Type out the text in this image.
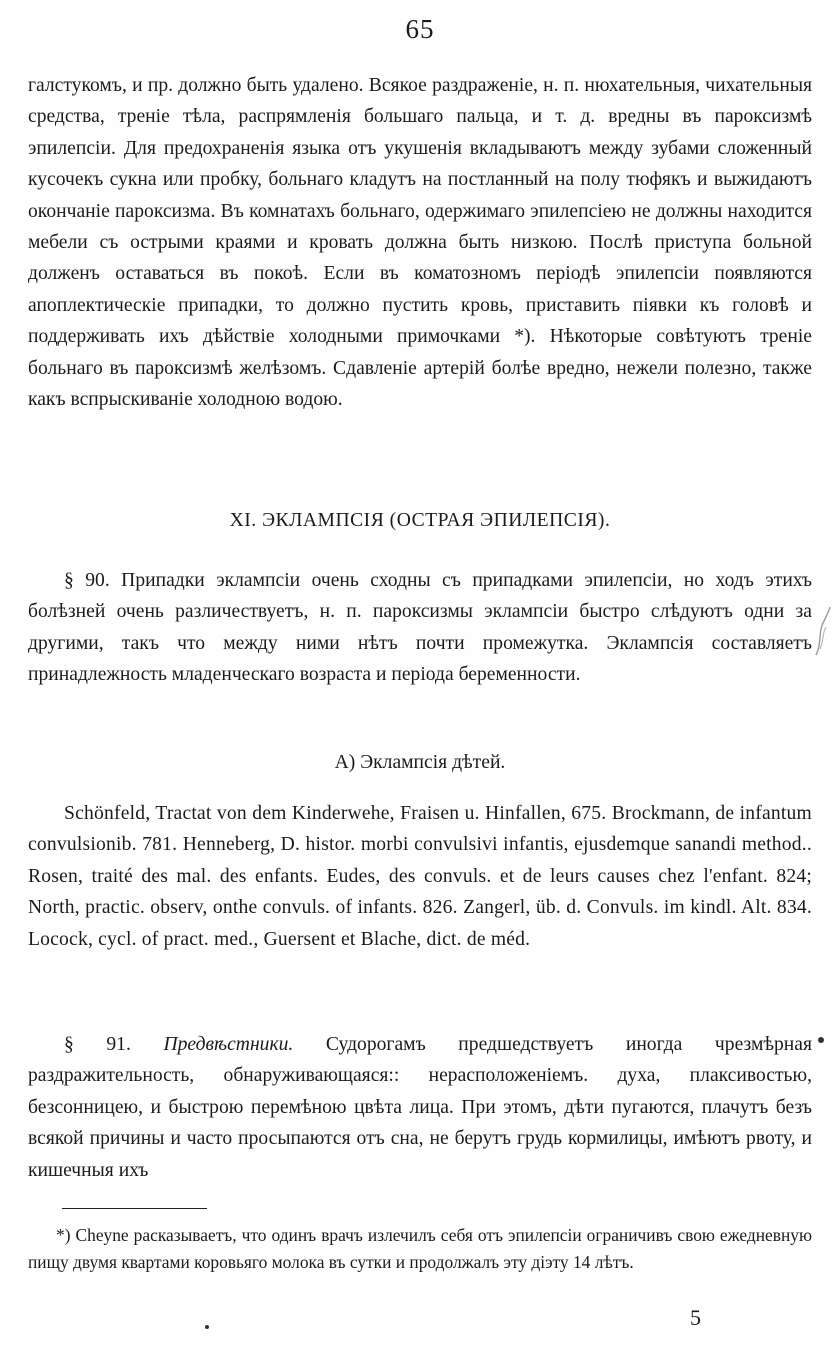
65
галстукомъ, и пр. должно быть удалено. Всякое раздраженіе, н. п. нюхательныя, чихательныя средства, треніе тѣла, распрямленія большаго пальца, и т. д. вредны въ пароксизмѣ эпилепсіи. Для предохраненія языка отъ укушенія вкладываютъ между зубами сложенный кусочекъ сукна или пробку, больнаго кладутъ на постланный на полу тюфякъ и выжидаютъ окончаніе пароксизма. Въ комнатахъ больнаго, одержимаго эпилепсіею не должны находится мебели съ острыми краями и кровать должна быть низкою. Послѣ приступа больной долженъ оставаться въ покоѣ. Если въ коматозномъ періодѣ эпилепсіи появляются апоплектическіе припадки, то должно пустить кровь, приставить піявки къ головѣ и поддерживать ихъ дѣйствіе холодными примочками *). Нѣкоторые совѣтуютъ треніе больнаго въ пароксизмѣ желѣзомъ. Сдавленіе артерій болѣе вредно, нежели полезно, также какъ вспрыскиваніе холодною водою.
XI. ЭКЛАМПСІЯ (ОСТРАЯ ЭПИЛЕПСІЯ).
§ 90. Припадки эклампсіи очень сходны съ припадками эпилепсіи, но ходъ этихъ болѣзней очень различествуетъ, н. п. пароксизмы эклампсіи быстро слѣдуютъ одни за другими, такъ что между ними нѣтъ почти промежутка. Эклампсія составляетъ принадлежность младенческаго возраста и періода беременности.
A) Эклампсія дѣтей.
Schönfeld, Tractat von dem Kinderwehe, Fraisen u. Hinfallen, 675. Brockmann, de infantum convulsionib. 781. Henneberg, D. histor. morbi convulsivi infantis, ejusdemque sanandi method.. Rosen, traité des mal. des enfants. Eudes, des convuls. et de leurs causes chez l'enfant. 824; North, practic. observ, onthe convuls. of infants. 826. Zangerl, üb. d. Convuls. im kindl. Alt. 834. Locock, cycl. of pract. med., Guersent et Blache, dict. de méd.
§ 91. Предвѣстники. Судорогамъ предшедствуетъ иногда чрезмѣрная раздражительность, обнаруживающаяся:: нерасположеніемъ. духа, плаксивостью, безсонницею, и быстрою перемѣною цвѣта лица. При этомъ, дѣти пугаются, плачутъ безъ всякой причины и часто просыпаются отъ сна, не берутъ грудь кормилицы, имѣютъ рвоту, и кишечныя ихъ
*) Cheyne расказываетъ, что одинъ врачъ излечилъ себя отъ эпилепсіи ограничивъ свою ежедневную пищу двумя квартами коровьяго молока въ сутки и продолжалъ эту діэту 14 лѣтъ.
5
